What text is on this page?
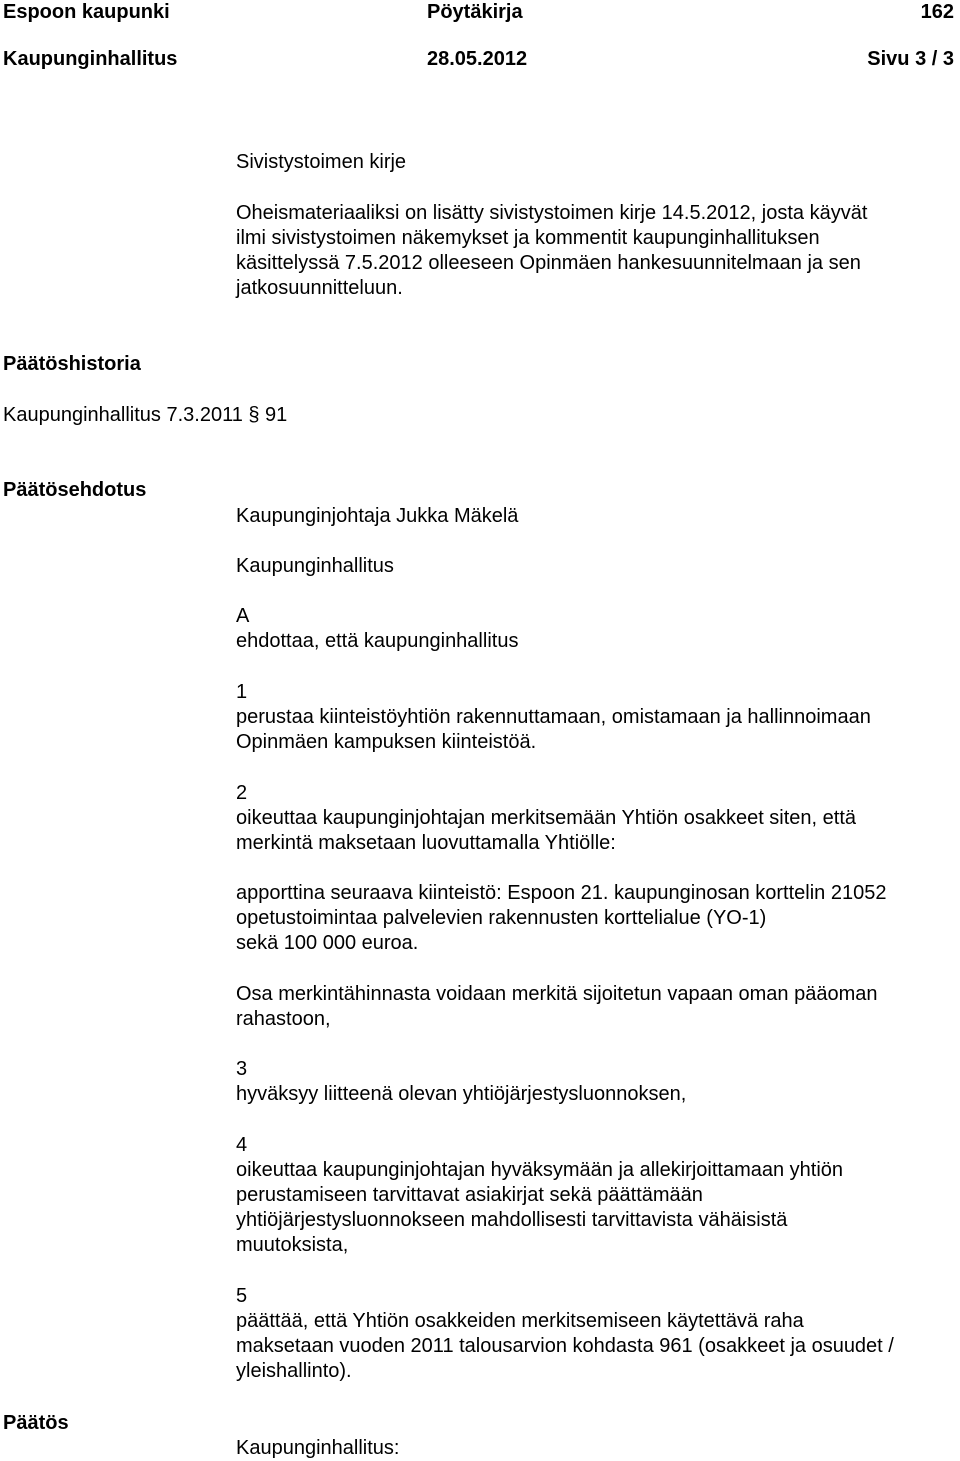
Espoon kaupunki	Pöytäkirja	162
Kaupunginhallitus	28.05.2012	Sivu 3 / 3
Sivistystoimen kirje

Oheismateriaaliksi on lisätty sivistystoimen kirje 14.5.2012, josta käyvät

ilmi sivistystoimen näkemykset ja kommentit kaupunginhallituksen

käsittelyssä 7.5.2012 olleeseen Opinmäen hankesuunnitelmaan ja sen

jatkosuunnitteluun.

Päätöshistoria
Kaupunginhallitus 7.3.2011 § 91
Päätösehdotus
Kaupunginjohtaja Jukka Mäkelä
Kaupunginhallitus

A

ehdottaa, että kaupunginhallitus

1

perustaa kiinteistöyhtiön rakennuttamaan, omistamaan ja hallinnoimaan

Opinmäen kampuksen kiinteistöä.

2

oikeuttaa kaupunginjohtajan merkitsemään Yhtiön osakkeet siten, että

merkintä maksetaan luovuttamalla Yhtiölle:

apporttina seuraava kiinteistö: Espoon 21. kaupunginosan korttelin 21052

opetustoimintaa palvelevien rakennusten korttelialue (YO-1)

sekä 100 000 euroa.

Osa merkintähinnasta voidaan merkitä sijoitetun vapaan oman pääoman

rahastoon,

3

hyväksyy liitteenä olevan yhtiöjärjestysluonnoksen,

4

oikeuttaa kaupunginjohtajan hyväksymään ja allekirjoittamaan yhtiön

perustamiseen tarvittavat asiakirjat sekä päättämään

yhtiöjärjestysluonnokseen mahdollisesti tarvittavista vähäisistä

muutoksista,

5

päättää, että Yhtiön osakkeiden merkitsemiseen käytettävä raha

maksetaan vuoden 2011 talousarvion kohdasta 961 (osakkeet ja osuudet /

yleishallinto).

Päätös
Kaupunginhallitus:
